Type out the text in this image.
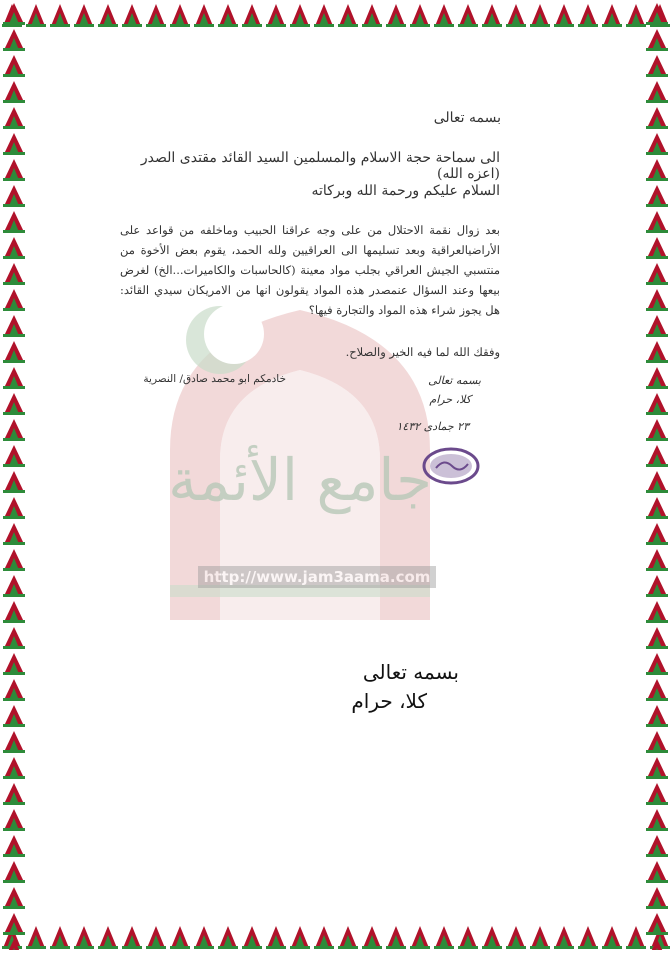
جامع الأئمة
http://www.jam3aama.com
بسمه تعالى
الى سماحة حجة الاسلام والمسلمين السيد القائد مقتدى الصدر (اعزه الله)
السلام عليكم ورحمة الله وبركاته
بعد زوال نقمة الاحتلال من على وجه عراقنا الحبيب وماخلفه من قواعد على الأراضيالعراقية وبعد تسليمها الى العراقيين ولله الحمد، يقوم بعض الأخوة من منتسبي الجيش العراقي بجلب مواد معينة (كالحاسبات والكاميرات...الخ) لغرض بيعها وعند السؤال عنمصدر هذه المواد يقولون انها من الامريكان سيدي القائد: هل يجوز شراء هذه المواد والتجارة فيها؟
وفقك الله لما فيه الخير والصلاح.
خادمكم ابو محمد صادق/ النصرية	بسمه تعالى
كلا، حرام
٢٣ جمادى ١٤٣٢
بسمه تعالى
كلا، حرام
